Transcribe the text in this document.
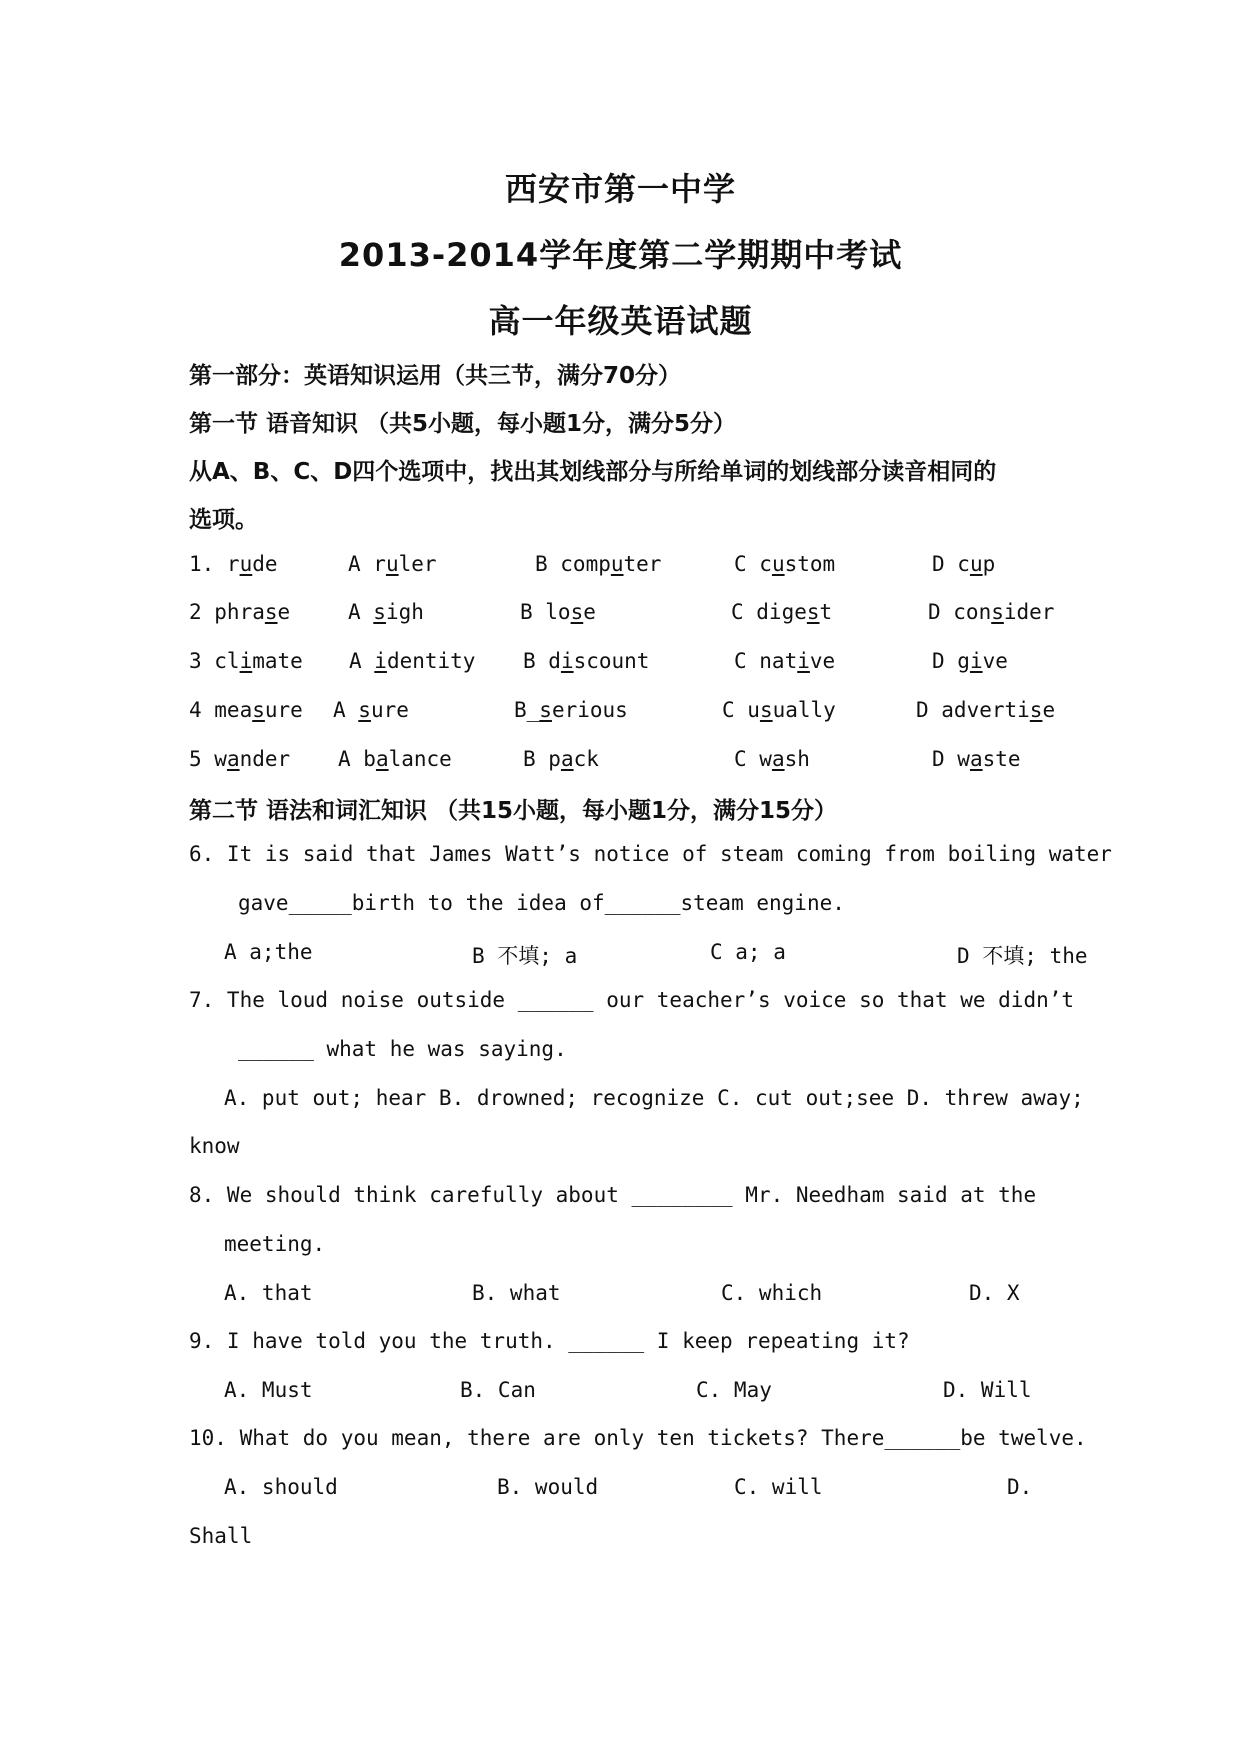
西安市第一中学
2013-2014学年度第二学期期中考试
高一年级英语试题
第一部分：英语知识运用（共三节，满分70分）
第一节 语音知识 （共5小题，每小题1分，满分5分）
从A、B、C、D四个选项中，找出其划线部分与所给单词的划线部分读音相同的
选项。
1. rude	A ruler	B computer	C custom	D cup
2 phrase	A sigh	B lose	C digest	D consider
3 climate A identity B discount	C native	D give
4 measure A sure	B_serious	C usually	D advertise
5 wander A balance	B pack	C wash	D waste
第二节 语法和词汇知识 （共15小题，每小题1分，满分15分）
6. It is said that James Watt’s notice of steam coming from boiling water
gave_____birth to the idea of______steam engine.
A a;the	B 不填; a	C a; a	D 不填; the
7. The loud noise outside ______ our teacher’s voice so that we didn’t
______ what he was saying.
A. put out; hear B. drowned; recognize C. cut out;see D. threw away;
know
8. We should think carefully about ________ Mr. Needham said at the
meeting.
A. that	B. what	C. which	D. X
9. I have told you the truth. ______ I keep repeating it?
A. Must	B. Can	C. May	D. Will
10. What do you mean, there are only ten tickets? There______be twelve.
A. should	B. would	C. will	D.
Shall
